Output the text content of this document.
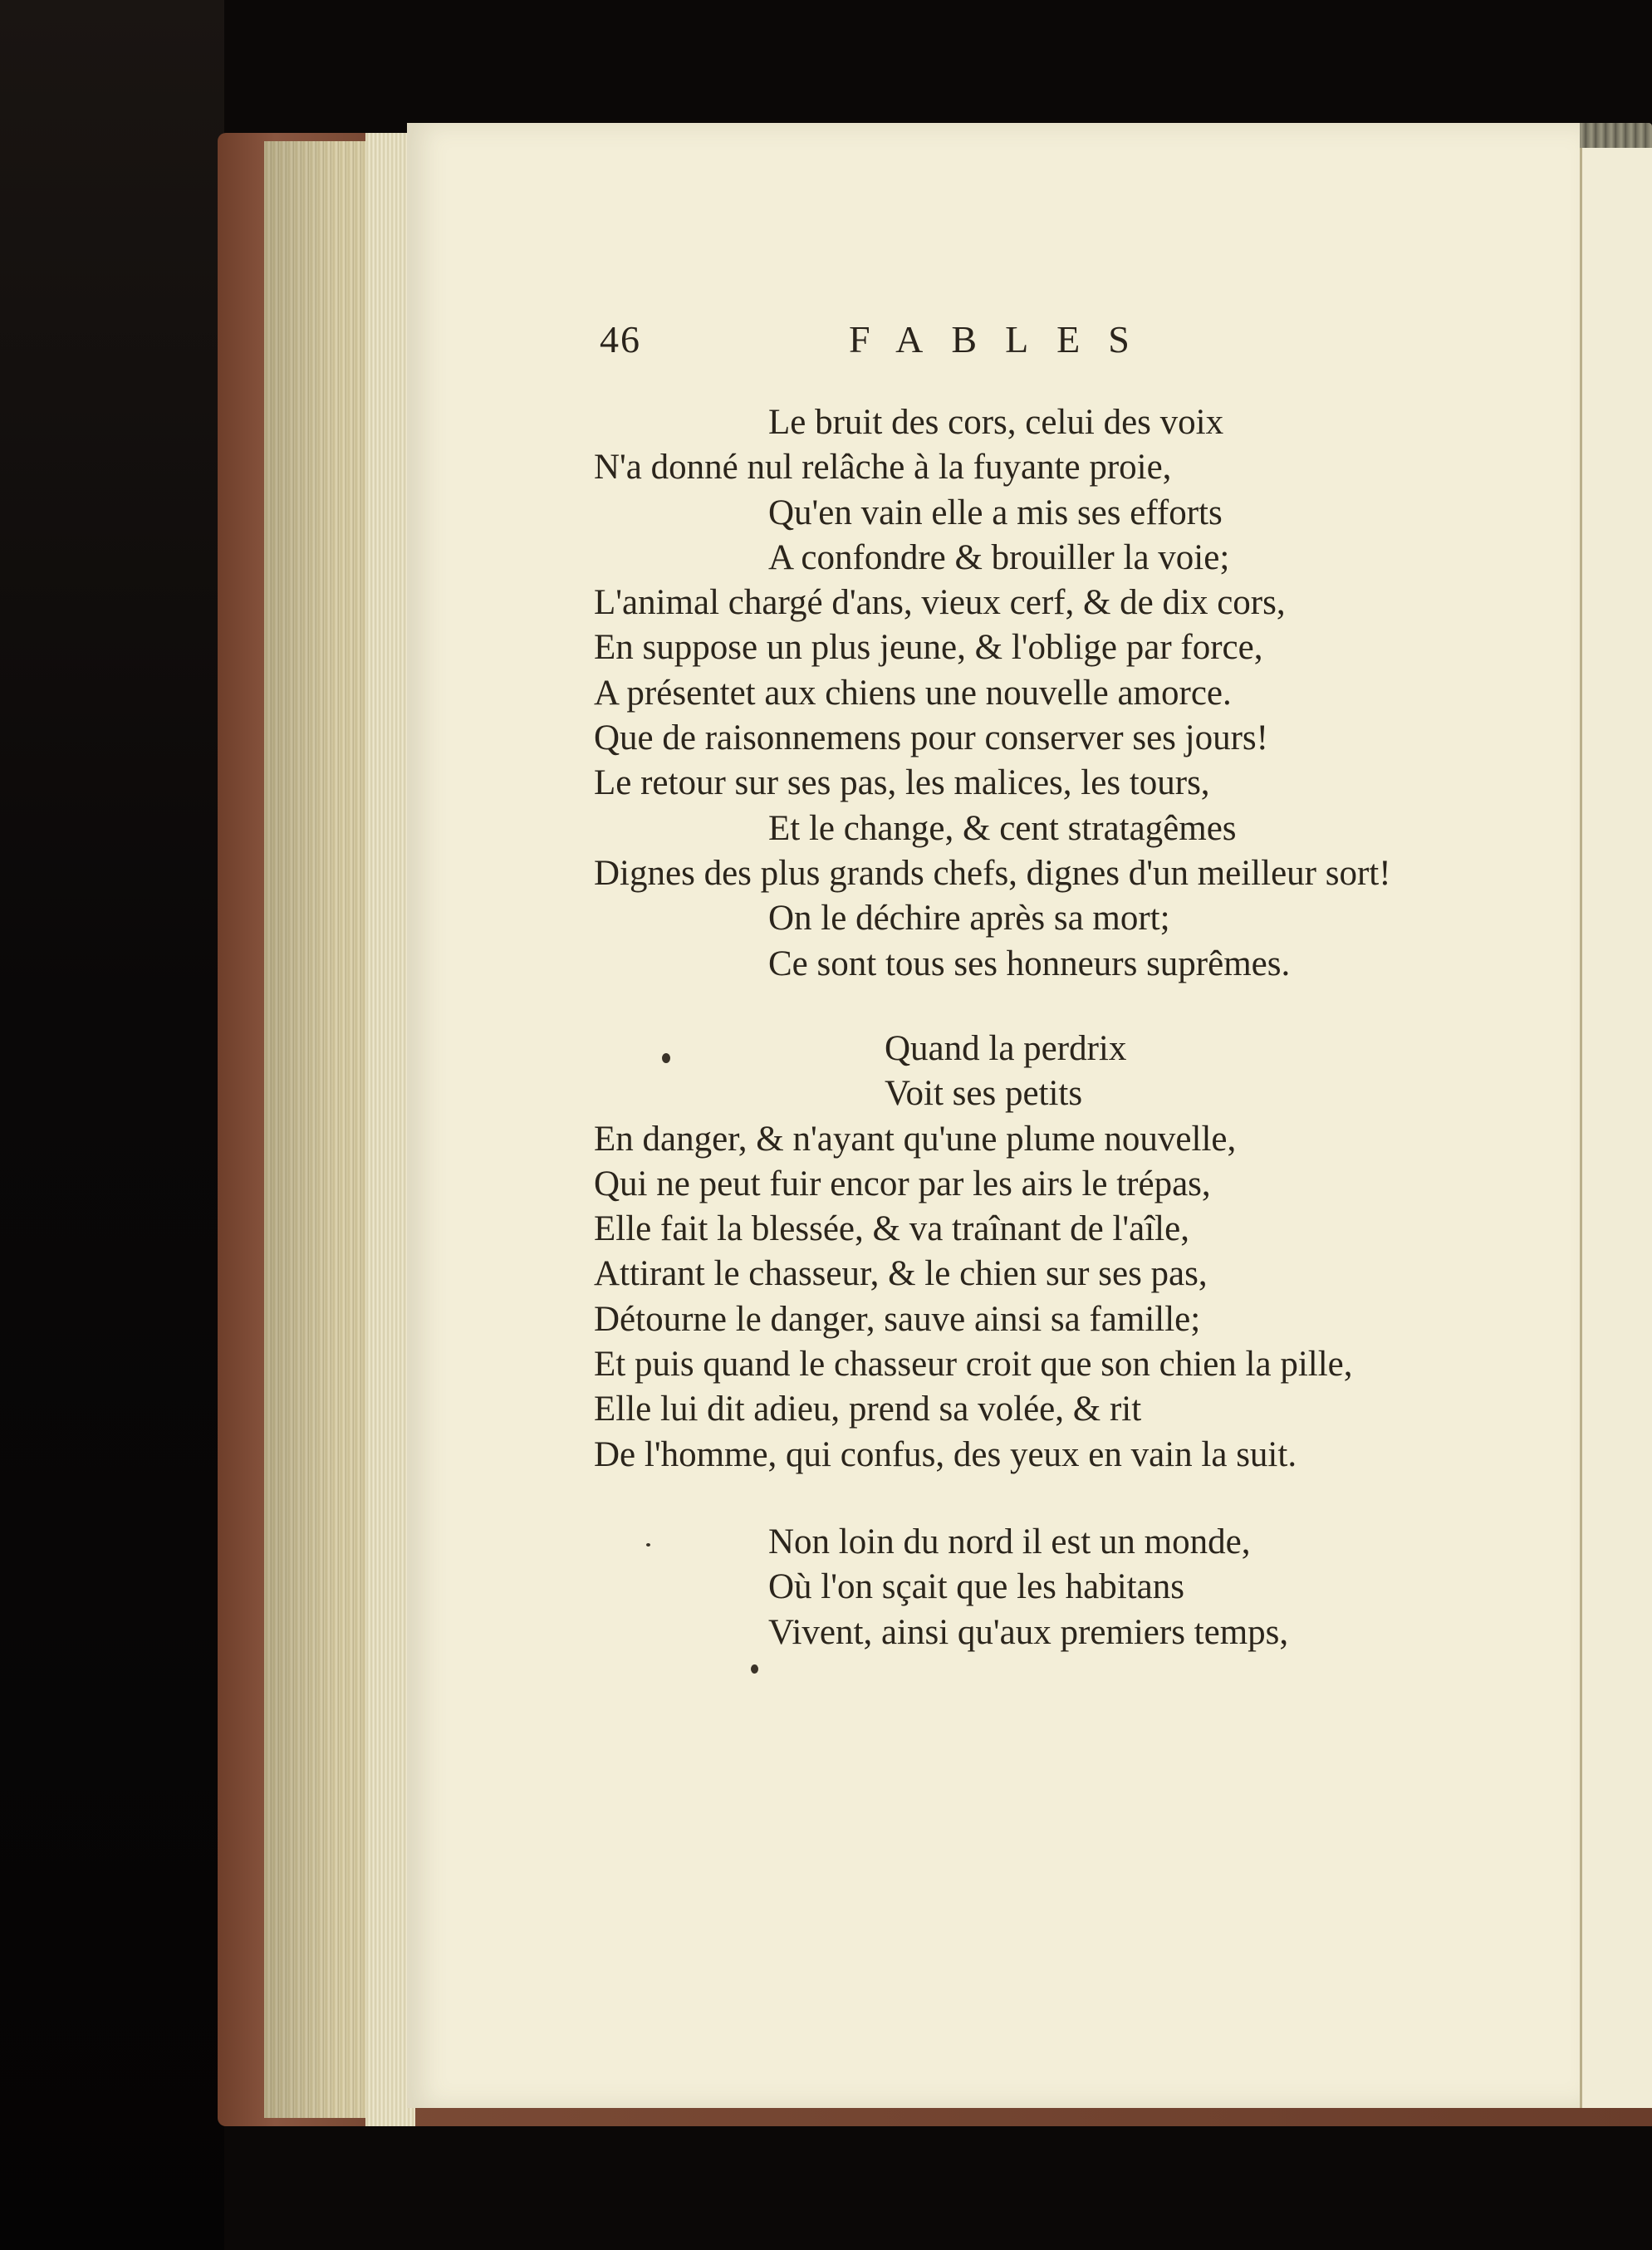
46	FABLES
Le bruit des cors, celui des voix
N'a donné nul relâche à la fuyante proie,
Qu'en vain elle a mis ses efforts
A confondre & brouiller la voie;
L'animal chargé d'ans, vieux cerf, & de dix cors,
En suppose un plus jeune, & l'oblige par force,
A présentet aux chiens une nouvelle amorce.
Que de raisonnemens pour conserver ses jours!
Le retour sur ses pas, les malices, les tours,
Et le change, & cent stratagêmes
Dignes des plus grands chefs, dignes d'un meilleur sort!
On le déchire après sa mort;
Ce sont tous ses honneurs suprêmes.
Quand la perdrix
Voit ses petits
En danger, & n'ayant qu'une plume nouvelle,
Qui ne peut fuir encor par les airs le trépas,
Elle fait la blessée, & va traînant de l'aîle,
Attirant le chasseur, & le chien sur ses pas,
Détourne le danger, sauve ainsi sa famille;
Et puis quand le chasseur croit que son chien la pille,
Elle lui dit adieu, prend sa volée, & rit
De l'homme, qui confus, des yeux en vain la suit.
Non loin du nord il est un monde,
Où l'on sçait que les habitans
Vivent, ainsi qu'aux premiers temps,
